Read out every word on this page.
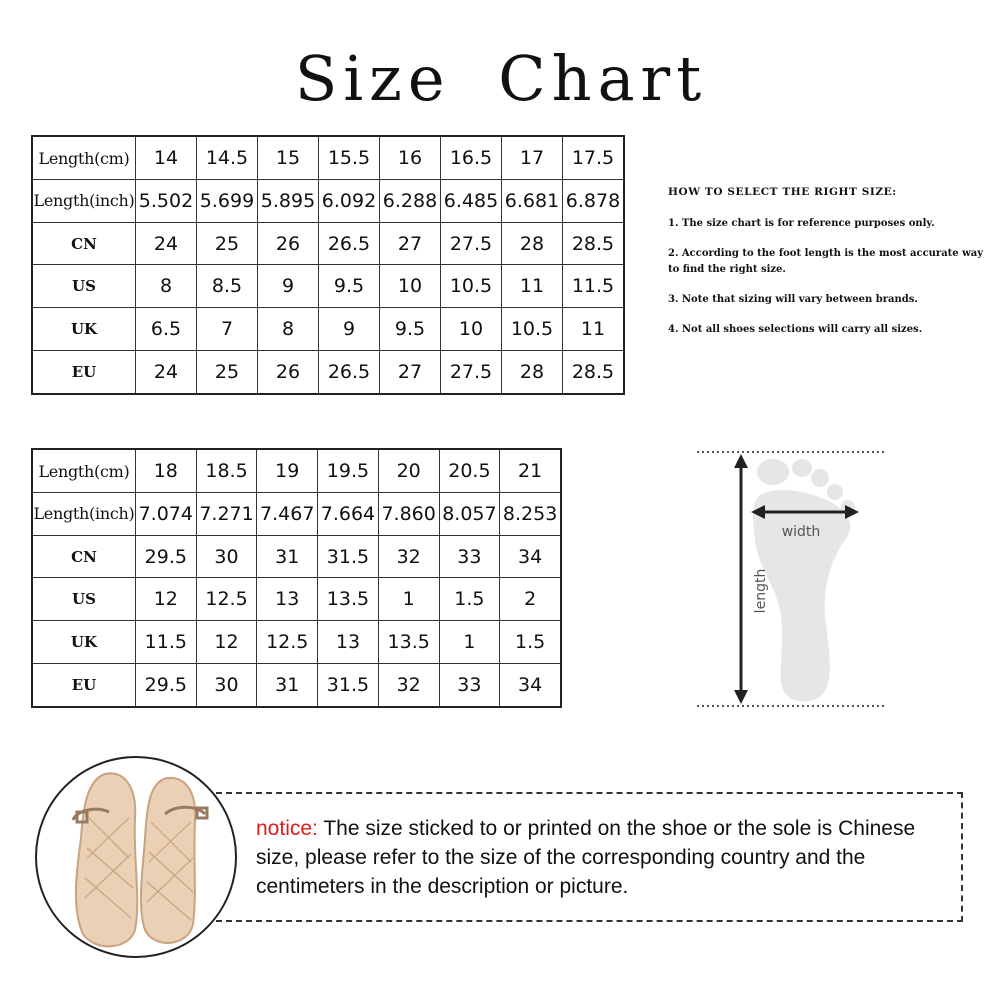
Size Chart
Length(cm)	14	14.5	15	15.5	16	16.5	17	17.5
Length(inch)	5.502	5.699	5.895	6.092	6.288	6.485	6.681	6.878
CN	24	25	26	26.5	27	27.5	28	28.5
US	8	8.5	9	9.5	10	10.5	11	11.5
UK	6.5	7	8	9	9.5	10	10.5	11
EU	24	25	26	26.5	27	27.5	28	28.5
Length(cm)	18	18.5	19	19.5	20	20.5	21
Length(inch)	7.074	7.271	7.467	7.664	7.860	8.057	8.253
CN	29.5	30	31	31.5	32	33	34
US	12	12.5	13	13.5	1	1.5	2
UK	11.5	12	12.5	13	13.5	1	1.5
EU	29.5	30	31	31.5	32	33	34
HOW TO SELECT THE RIGHT SIZE:
1. The size chart is for reference purposes only.
2. According to the foot length is the most accurate way to find the right size.
3. Note that sizing will vary between brands.
4. Not all shoes selections will carry all sizes.
width
length
notice: The size sticked to or printed on the shoe or the sole is Chinese size, please refer to the size of the corresponding country and the centimeters in the description or picture.
